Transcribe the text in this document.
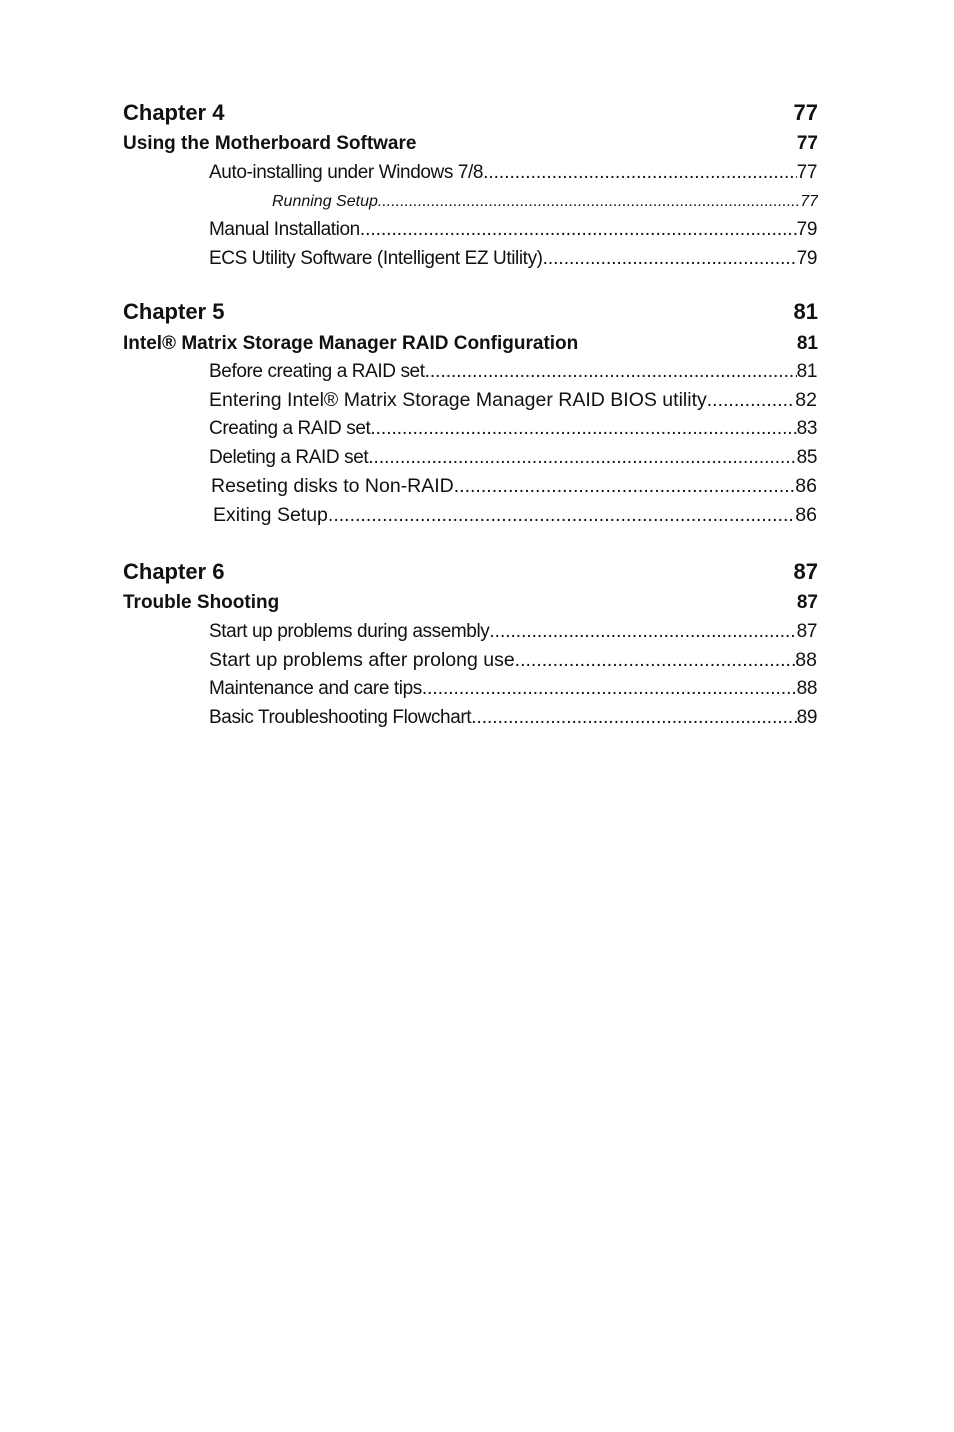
Chapter 4	77
Using the Motherboard Software	77
Auto-installing under Windows 7/8 .....	77
Running Setup .....	77
Manual Installation .....	79
ECS Utility Software (Intelligent EZ Utility) .....	79
Chapter 5	81
Intel® Matrix Storage Manager RAID Configuration	81
Before creating a RAID set .....	81
Entering Intel® Matrix Storage Manager RAID BIOS utility .....	82
Creating a RAID set .....	83
Deleting a RAID set .....	85
Reseting disks to Non-RAID .....	86
Exiting Setup .....	86
Chapter 6	87
Trouble Shooting	87
Start up problems during assembly .....	87
Start up problems after prolong use .....	88
Maintenance and care tips .....	88
Basic Troubleshooting Flowchart .....	89
